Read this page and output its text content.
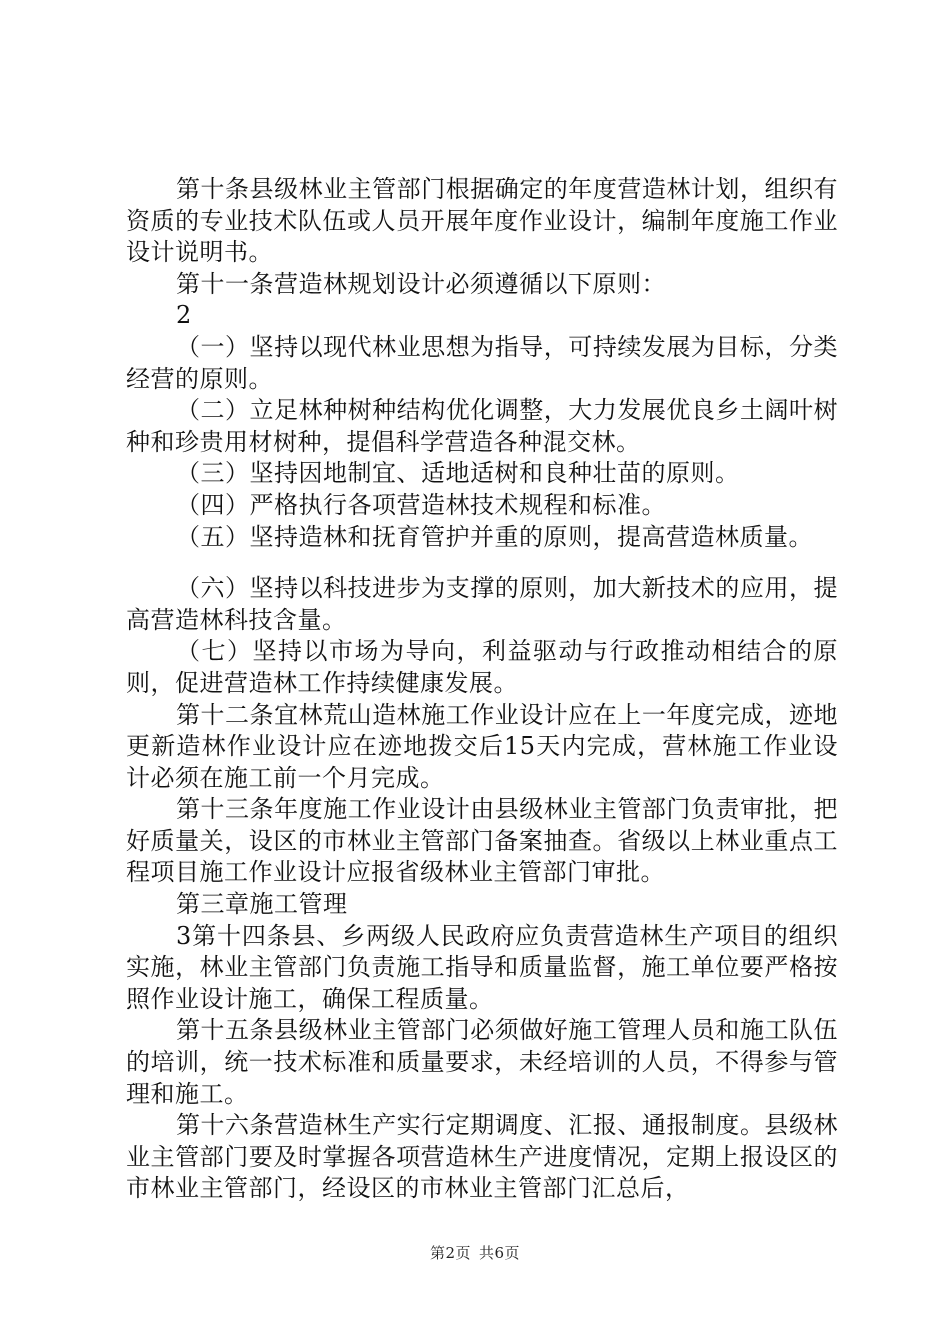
第十条县级林业主管部门根据确定的年度营造林计划，组织有资质的专业技术队伍或人员开展年度作业设计，编制年度施工作业设计说明书。

第十一条营造林规划设计必须遵循以下原则：

2

（一）坚持以现代林业思想为指导，可持续发展为目标，分类经营的原则。

（二）立足林种树种结构优化调整，大力发展优良乡土阔叶树种和珍贵用材树种，提倡科学营造各种混交林。

（三）坚持因地制宜、适地适树和良种壮苗的原则。

（四）严格执行各项营造林技术规程和标准。

（五）坚持造林和抚育管护并重的原则，提高营造林质量。

（六）坚持以科技进步为支撑的原则，加大新技术的应用，提高营造林科技含量。

（七）坚持以市场为导向，利益驱动与行政推动相结合的原则，促进营造林工作持续健康发展。

第十二条宜林荒山造林施工作业设计应在上一年度完成，迹地更新造林作业设计应在迹地拨交后15天内完成，营林施工作业设计必须在施工前一个月完成。

第十三条年度施工作业设计由县级林业主管部门负责审批，把好质量关，设区的市林业主管部门备案抽查。省级以上林业重点工程项目施工作业设计应报省级林业主管部门审批。

第三章施工管理

3第十四条县、乡两级人民政府应负责营造林生产项目的组织实施，林业主管部门负责施工指导和质量监督，施工单位要严格按照作业设计施工，确保工程质量。

第十五条县级林业主管部门必须做好施工管理人员和施工队伍的培训，统一技术标准和质量要求，未经培训的人员，不得参与管理和施工。

第十六条营造林生产实行定期调度、汇报、通报制度。县级林业主管部门要及时掌握各项营造林生产进度情况，定期上报设区的市林业主管部门，经设区的市林业主管部门汇总后，

第2页 共6页
